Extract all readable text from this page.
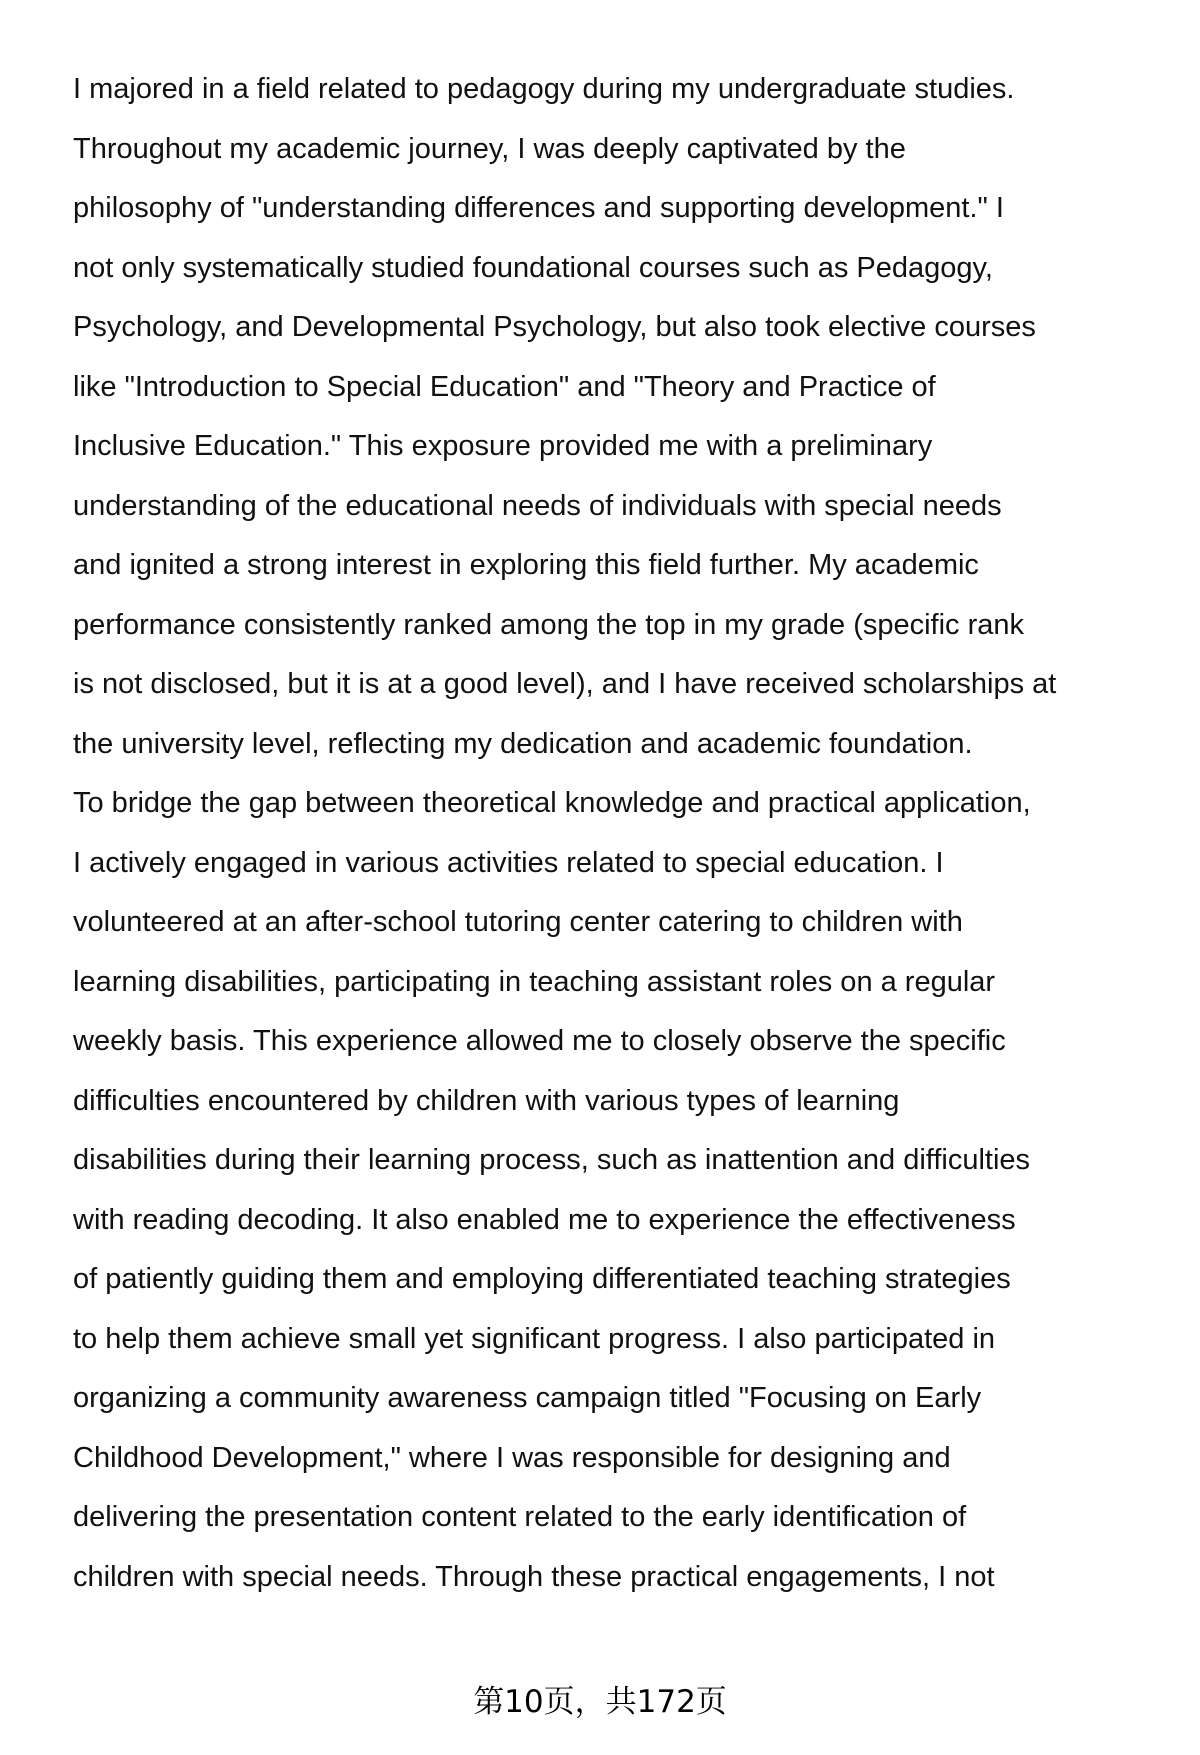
I majored in a field related to pedagogy during my undergraduate studies.
Throughout my academic journey, I was deeply captivated by the
philosophy of "understanding differences and supporting development." I
not only systematically studied foundational courses such as Pedagogy,
Psychology, and Developmental Psychology, but also took elective courses
like "Introduction to Special Education" and "Theory and Practice of
Inclusive Education." This exposure provided me with a preliminary
understanding of the educational needs of individuals with special needs
and ignited a strong interest in exploring this field further. My academic
performance consistently ranked among the top in my grade (specific rank
is not disclosed, but it is at a good level), and I have received scholarships at
the university level, reflecting my dedication and academic foundation.

To bridge the gap between theoretical knowledge and practical application,
I actively engaged in various activities related to special education. I
volunteered at an after-school tutoring center catering to children with
learning disabilities, participating in teaching assistant roles on a regular
weekly basis. This experience allowed me to closely observe the specific
difficulties encountered by children with various types of learning
disabilities during their learning process, such as inattention and difficulties
with reading decoding. It also enabled me to experience the effectiveness
of patiently guiding them and employing differentiated teaching strategies
to help them achieve small yet significant progress. I also participated in
organizing a community awareness campaign titled "Focusing on Early
Childhood Development," where I was responsible for designing and
delivering the presentation content related to the early identification of
children with special needs. Through these practical engagements, I not

第10页，共172页
